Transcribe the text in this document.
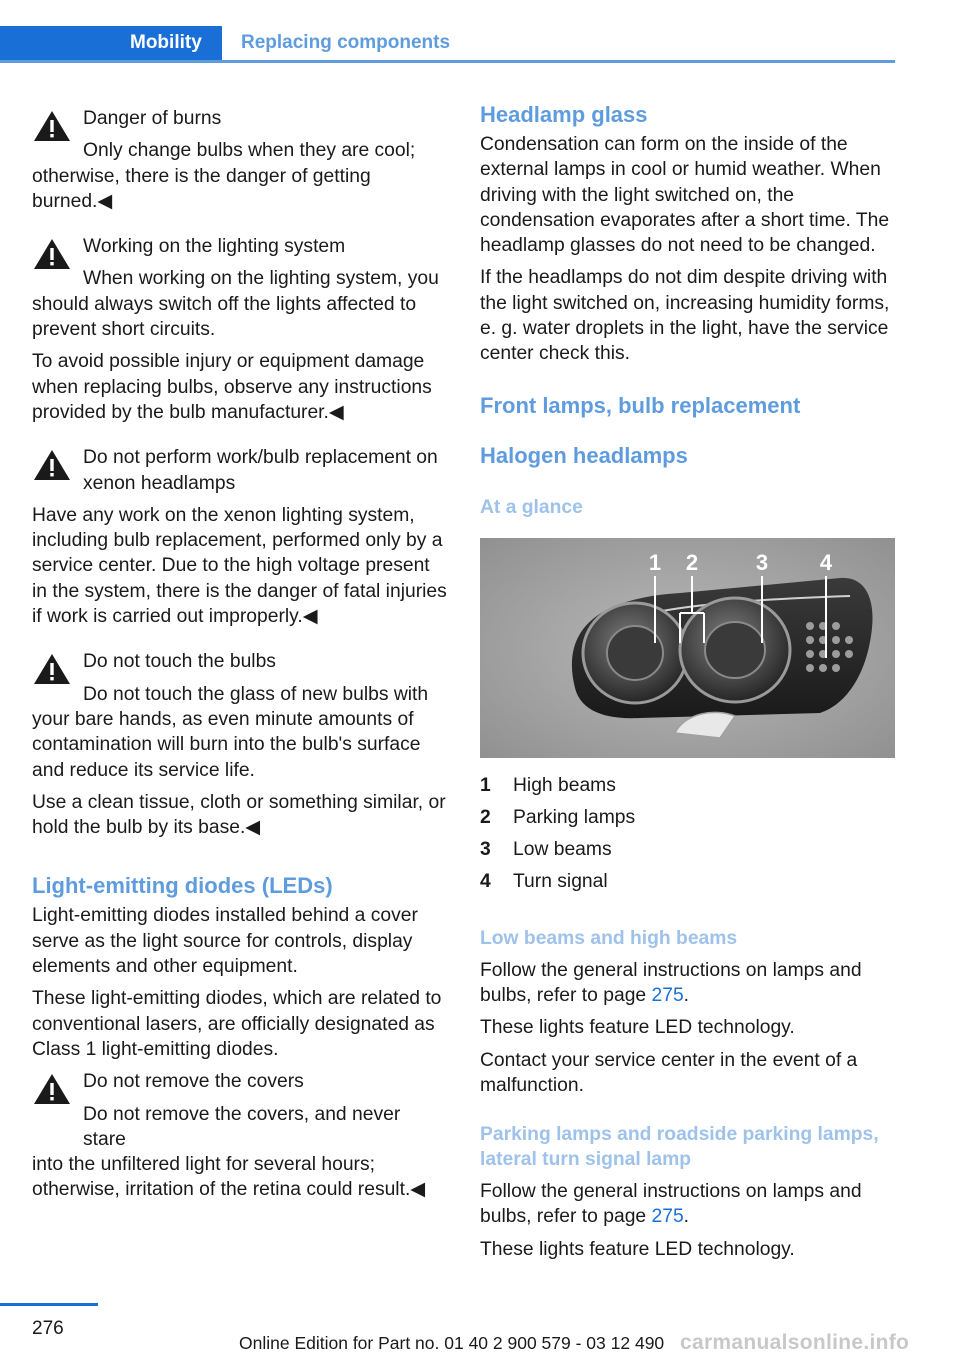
Mobility	Replacing components
Danger of burns
Only change bulbs when they are cool;

otherwise, there is the danger of getting burned.◀

Working on the lighting system
When working on the lighting system, you

should always switch off the lights affected to prevent short circuits.

To avoid possible injury or equipment damage when replacing bulbs, observe any instructions provided by the bulb manufacturer.◀

Do not perform work/bulb replacement on
xenon headlamps

Have any work on the xenon lighting system, including bulb replacement, performed only by a service center. Due to the high voltage present in the system, there is the danger of fatal injuries if work is carried out improperly.◀

Do not touch the bulbs
Do not touch the glass of new bulbs with

your bare hands, as even minute amounts of contamination will burn into the bulb's surface and reduce its service life.

Use a clean tissue, cloth or something similar, or hold the bulb by its base.◀

Light-emitting diodes (LEDs)

Light-emitting diodes installed behind a cover serve as the light source for controls, display elements and other equipment.

These light-emitting diodes, which are related to conventional lasers, are officially designated as Class 1 light-emitting diodes.

Do not remove the covers
Do not remove the covers, and never stare

into the unfiltered light for several hours; otherwise, irritation of the retina could result.◀

Headlamp glass

Condensation can form on the inside of the external lamps in cool or humid weather. When driving with the light switched on, the condensation evaporates after a short time. The headlamp glasses do not need to be changed.

If the headlamps do not dim despite driving with the light switched on, increasing humidity forms, e. g. water droplets in the light, have the service center check this.

Front lamps, bulb replacement
Halogen headlamps
At a glance
1 2	3 4
1	High beams
2	Parking lamps
3	Low beams
4	Turn signal
Low beams and high beams

Follow the general instructions on lamps and bulbs, refer to page 275.

These lights feature LED technology.

Contact your service center in the event of a malfunction.

Parking lamps and roadside parking lamps, lateral turn signal lamp

Follow the general instructions on lamps and bulbs, refer to page 275.

These lights feature LED technology.

276
Online Edition for Part no. 01 40 2 900 579 - 03 12 490 carmanualsonline.info
